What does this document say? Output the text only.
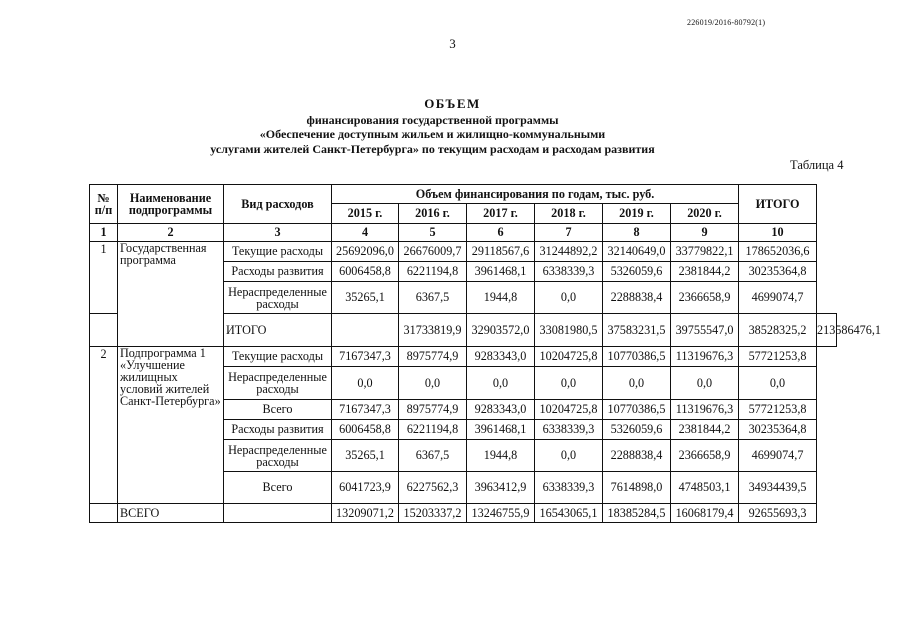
226019/2016-80792(1)
3
ОБЪЕМ
финансирования государственной программы
«Обеспечение доступным жильем и жилищно-коммунальными
услугами жителей Санкт-Петербурга» по текущим расходам и расходам развития
Таблица 4
№ п/п	Наименование подпрограммы	Вид расходов	Объем финансирования по годам, тыс. руб.						ИТОГО	
			2015 г.	2016 г.	2017 г.	2018 г.	2019 г.	2020 г.		
1	2	3	4	5	6	7	8	9	10	
1	Государственная программа	Текущие расходы	25692096,0	26676009,7	29118567,6	31244892,2	32140649,0	33779822,1	178652036,6	
		Расходы развития	6006458,8	6221194,8	3961468,1	6338339,3	5326059,6	2381844,2	30235364,8	
		Нераспределенные расходы	35265,1	6367,5	1944,8	0,0	2288838,4	2366658,9	4699074,7	
		ИТОГО		31733819,9	32903572,0	33081980,5	37583231,5	39755547,0	38528325,2	213586476,1
2	Подпрограмма 1 «Улучшение жилищных условий жителей Санкт-Петербурга»	Текущие расходы	7167347,3	8975774,9	9283343,0	10204725,8	10770386,5	11319676,3	57721253,8	
		Нераспределенные расходы	0,0	0,0	0,0	0,0	0,0	0,0	0,0	
		Всего	7167347,3	8975774,9	9283343,0	10204725,8	10770386,5	11319676,3	57721253,8	
		Расходы развития	6006458,8	6221194,8	3961468,1	6338339,3	5326059,6	2381844,2	30235364,8	
		Нераспределенные расходы	35265,1	6367,5	1944,8	0,0	2288838,4	2366658,9	4699074,7	
		Всего	6041723,9	6227562,3	3963412,9	6338339,3	7614898,0	4748503,1	34934439,5	
	ВСЕГО		13209071,2	15203337,2	13246755,9	16543065,1	18385284,5	16068179,4	92655693,3	
